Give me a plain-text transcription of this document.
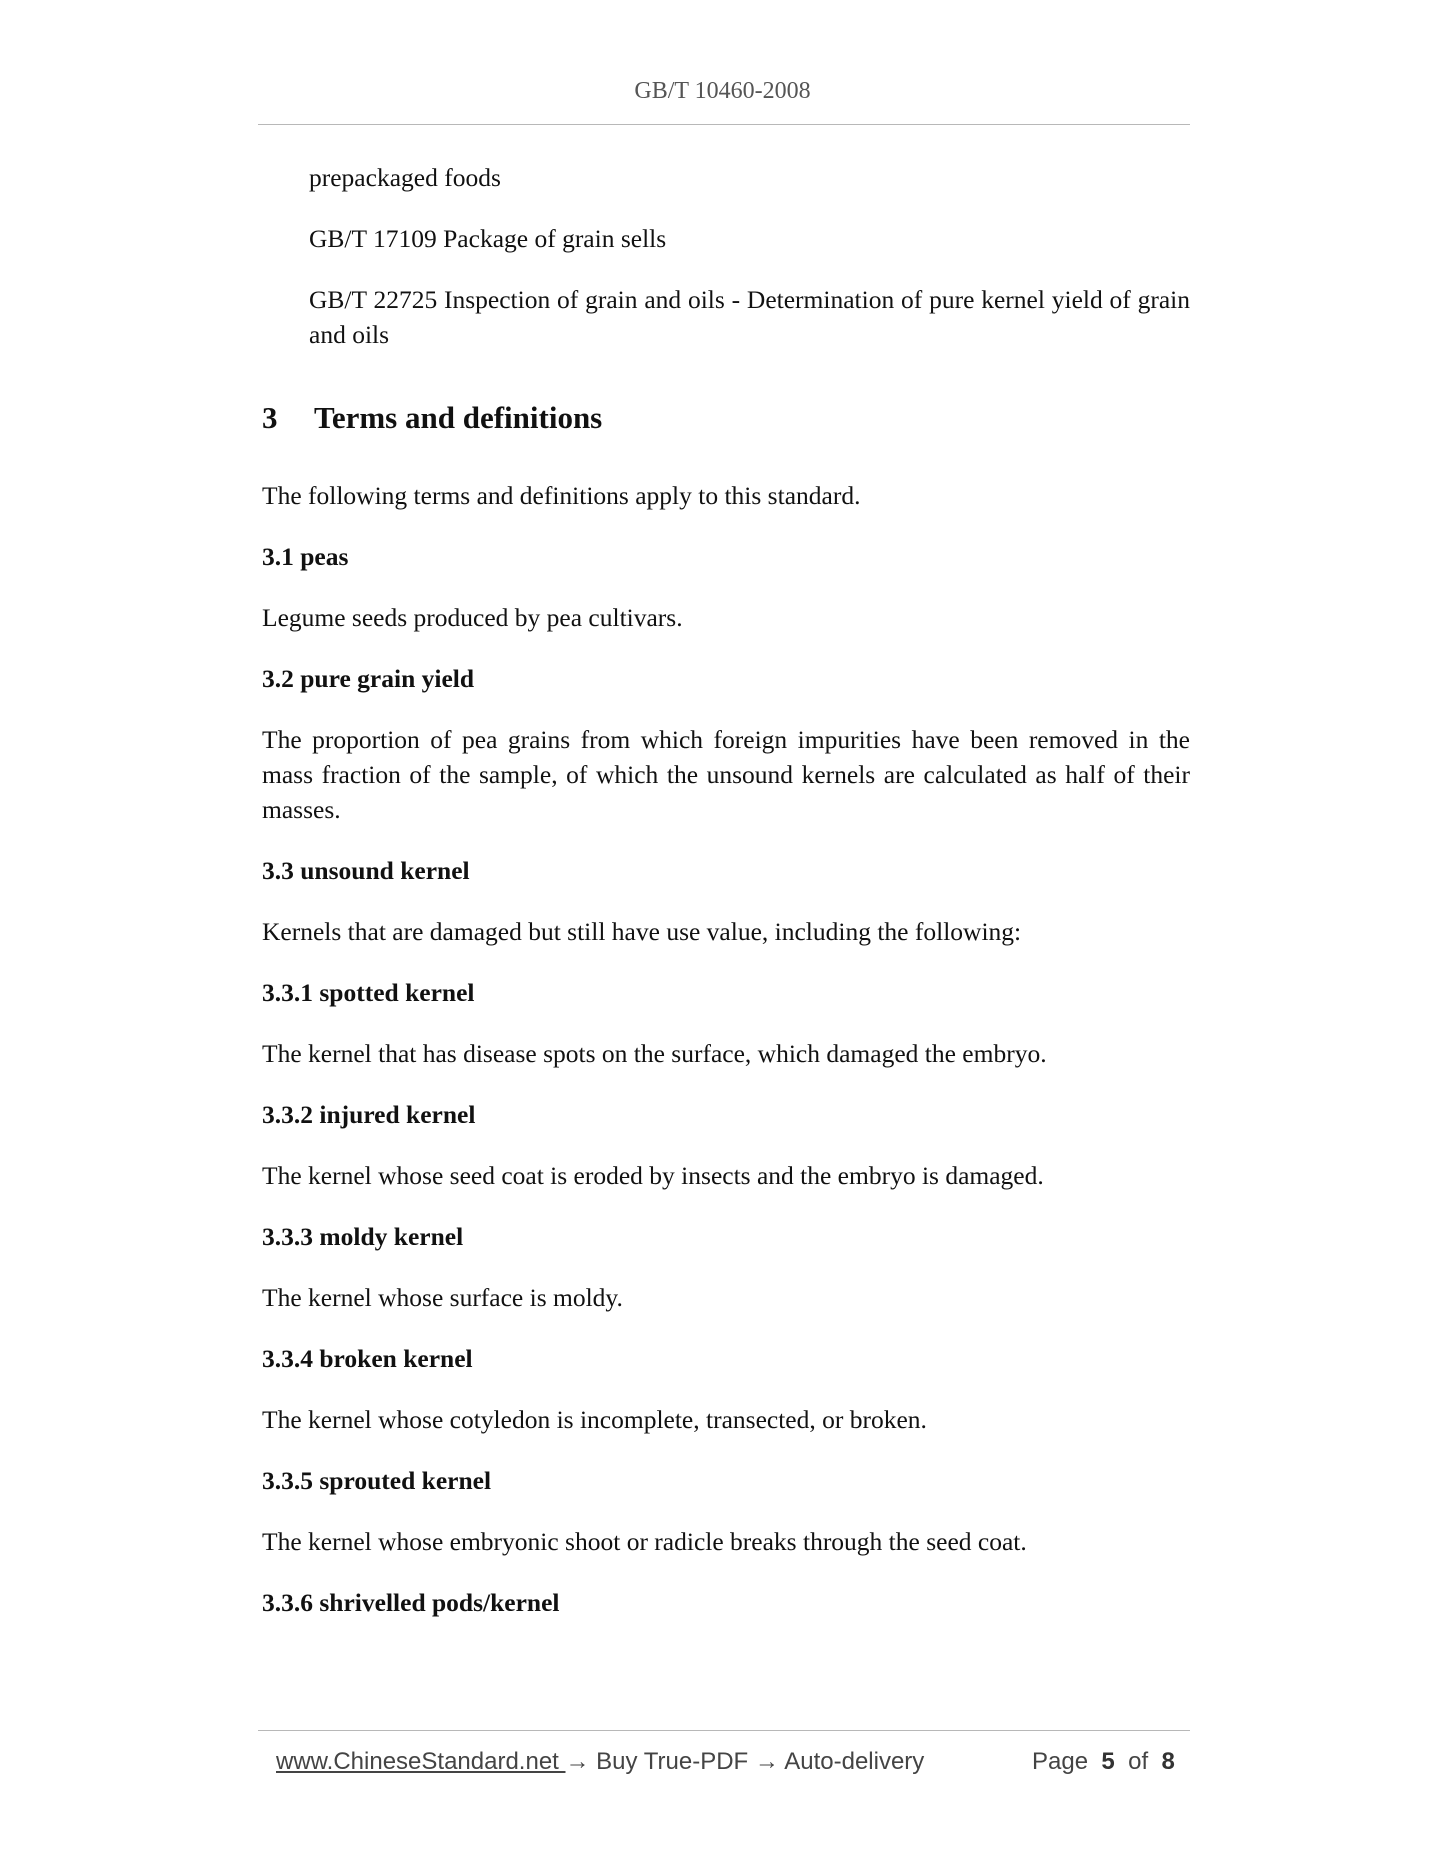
GB/T 10460-2008
prepackaged foods
GB/T 17109 Package of grain sells
GB/T 22725 Inspection of grain and oils - Determination of pure kernel yield of grain and oils
3 Terms and definitions
The following terms and definitions apply to this standard.
3.1 peas
Legume seeds produced by pea cultivars.
3.2 pure grain yield
The proportion of pea grains from which foreign impurities have been removed in the mass fraction of the sample, of which the unsound kernels are calculated as half of their masses.
3.3 unsound kernel
Kernels that are damaged but still have use value, including the following:
3.3.1 spotted kernel
The kernel that has disease spots on the surface, which damaged the embryo.
3.3.2 injured kernel
The kernel whose seed coat is eroded by insects and the embryo is damaged.
3.3.3 moldy kernel
The kernel whose surface is moldy.
3.3.4 broken kernel
The kernel whose cotyledon is incomplete, transected, or broken.
3.3.5 sprouted kernel
The kernel whose embryonic shoot or radicle breaks through the seed coat.
3.3.6 shrivelled pods/kernel
www.ChineseStandard.net → Buy True-PDF → Auto-delivery	Page 5 of 8
